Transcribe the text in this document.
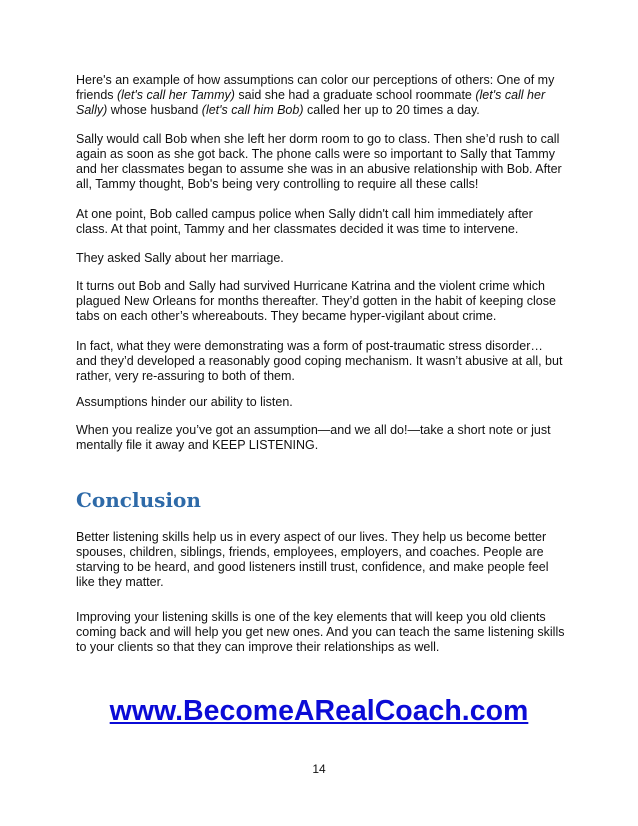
Here's an example of how assumptions can color our perceptions of others: One of my friends (let's call her Tammy) said she had a graduate school roommate (let's call her Sally) whose husband (let's call him Bob) called her up to 20 times a day.

Sally would call Bob when she left her dorm room to go to class. Then she’d rush to call again as soon as she got back. The phone calls were so important to Sally that Tammy and her classmates began to assume she was in an abusive relationship with Bob. After all, Tammy thought, Bob's being very controlling to require all these calls!

At one point, Bob called campus police when Sally didn't call him immediately after class. At that point, Tammy and her classmates decided it was time to intervene.

They asked Sally about her marriage.

It turns out Bob and Sally had survived Hurricane Katrina and the violent crime which plagued New Orleans for months thereafter. They’d gotten in the habit of keeping close tabs on each other’s whereabouts. They became hyper-vigilant about crime.

In fact, what they were demonstrating was a form of post-traumatic stress disorder… and they’d developed a reasonably good coping mechanism. It wasn’t abusive at all, but rather, very re-assuring to both of them.

Assumptions hinder our ability to listen.

When you realize you’ve got an assumption—and we all do!—take a short note or just mentally file it away and KEEP LISTENING.

Conclusion

Better listening skills help us in every aspect of our lives. They help us become better spouses, children, siblings, friends, employees, employers, and coaches. People are starving to be heard, and good listeners instill trust, confidence, and make people feel like they matter.

Improving your listening skills is one of the key elements that will keep you old clients coming back and will help you get new ones. And you can teach the same listening skills to your clients so that they can improve their relationships as well.

www.BecomeARealCoach.com
14
